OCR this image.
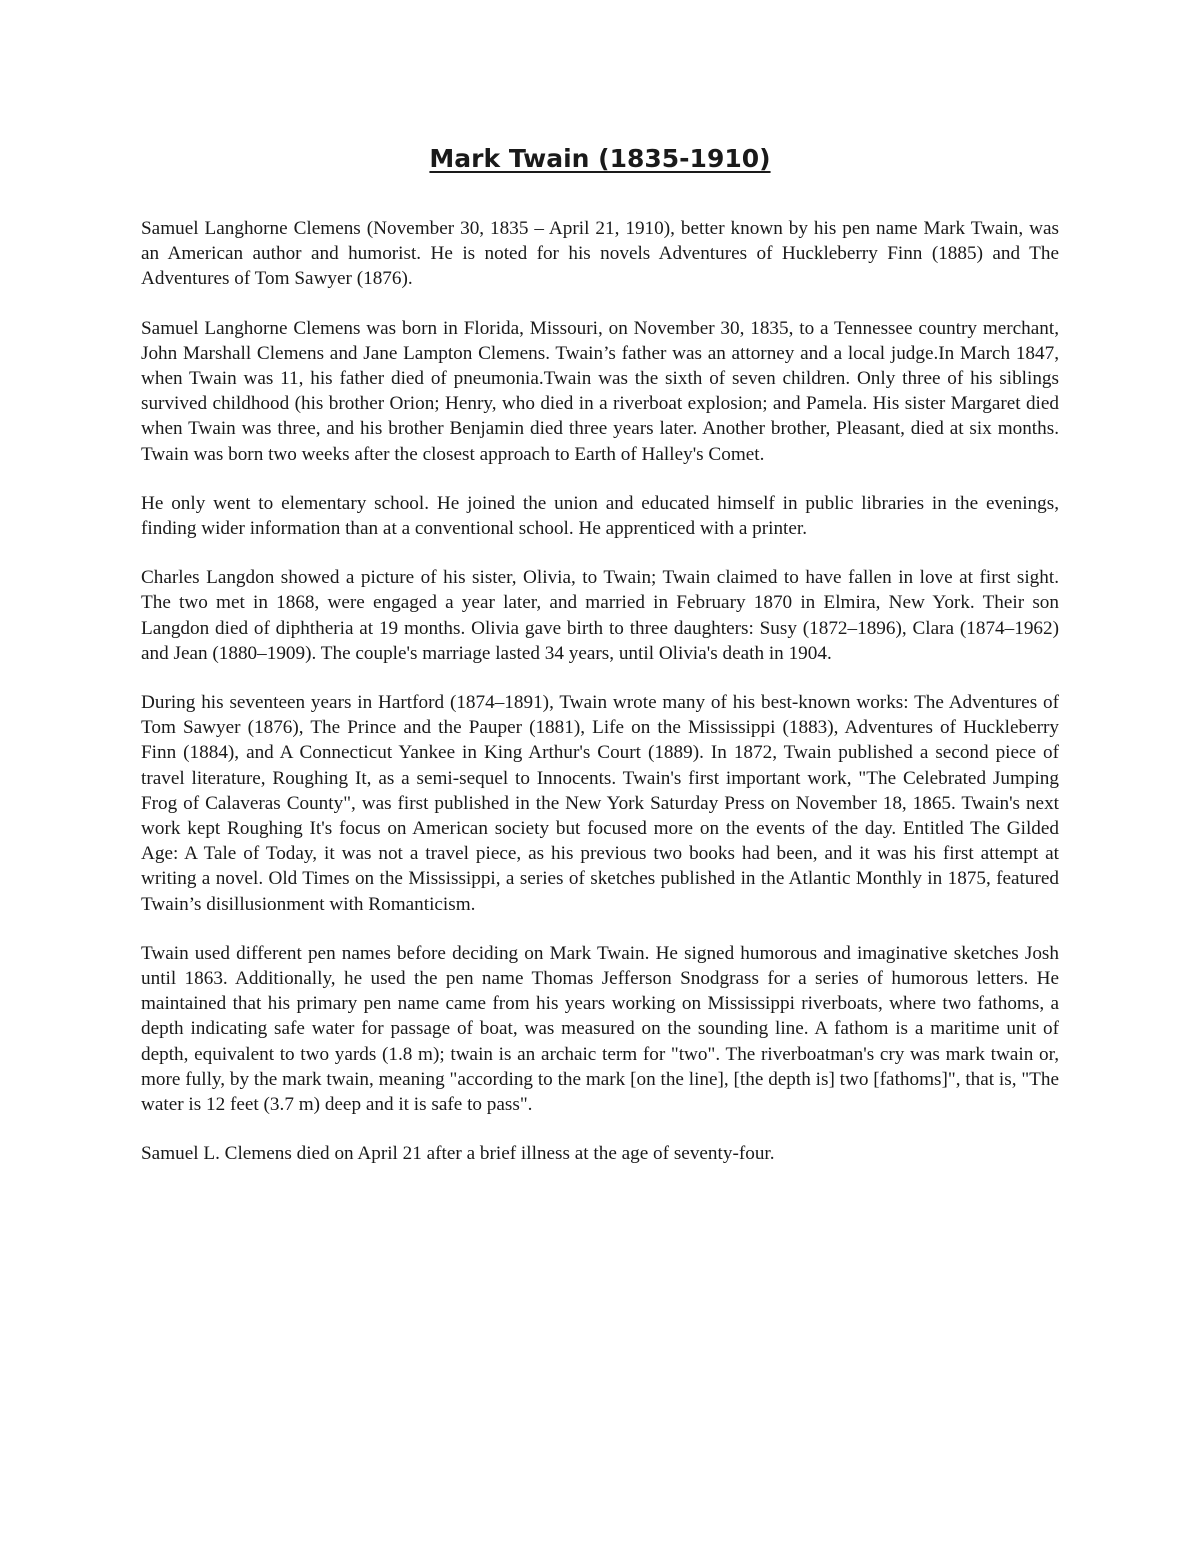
Mark Twain (1835-1910)

Samuel Langhorne Clemens (November 30, 1835 – April 21, 1910), better known by his pen name Mark Twain, was an American author and humorist. He is noted for his novels Adventures of Huckleberry Finn (1885) and The Adventures of Tom Sawyer (1876).

Samuel Langhorne Clemens was born in Florida, Missouri, on November 30, 1835, to a Tennessee country merchant, John Marshall Clemens and Jane Lampton Clemens. Twain’s father was an attorney and a local judge.In March 1847, when Twain was 11, his father died of pneumonia.Twain was the sixth of seven children. Only three of his siblings survived childhood (his brother Orion; Henry, who died in a riverboat explosion; and Pamela. His sister Margaret died when Twain was three, and his brother Benjamin died three years later. Another brother, Pleasant, died at six months. Twain was born two weeks after the closest approach to Earth of Halley's Comet.

He only went to elementary school. He joined the union and educated himself in public libraries in the evenings, finding wider information than at a conventional school. He apprenticed with a printer.

Charles Langdon showed a picture of his sister, Olivia, to Twain; Twain claimed to have fallen in love at first sight. The two met in 1868, were engaged a year later, and married in February 1870 in Elmira, New York. Their son Langdon died of diphtheria at 19 months. Olivia gave birth to three daughters: Susy (1872–1896), Clara (1874–1962) and Jean (1880–1909). The couple's marriage lasted 34 years, until Olivia's death in 1904.

During his seventeen years in Hartford (1874–1891), Twain wrote many of his best-known works: The Adventures of Tom Sawyer (1876), The Prince and the Pauper (1881), Life on the Mississippi (1883), Adventures of Huckleberry Finn (1884), and A Connecticut Yankee in King Arthur's Court (1889). In 1872, Twain published a second piece of travel literature, Roughing It, as a semi-sequel to Innocents. Twain's first important work, "The Celebrated Jumping Frog of Calaveras County", was first published in the New York Saturday Press on November 18, 1865. Twain's next work kept Roughing It's focus on American society but focused more on the events of the day. Entitled The Gilded Age: A Tale of Today, it was not a travel piece, as his previous two books had been, and it was his first attempt at writing a novel. Old Times on the Mississippi, a series of sketches published in the Atlantic Monthly in 1875, featured Twain’s disillusionment with Romanticism.

Twain used different pen names before deciding on Mark Twain. He signed humorous and imaginative sketches Josh until 1863. Additionally, he used the pen name Thomas Jefferson Snodgrass for a series of humorous letters. He maintained that his primary pen name came from his years working on Mississippi riverboats, where two fathoms, a depth indicating safe water for passage of boat, was measured on the sounding line. A fathom is a maritime unit of depth, equivalent to two yards (1.8 m); twain is an archaic term for "two". The riverboatman's cry was mark twain or, more fully, by the mark twain, meaning "according to the mark [on the line], [the depth is] two [fathoms]", that is, "The water is 12 feet (3.7 m) deep and it is safe to pass".

Samuel L. Clemens died on April 21 after a brief illness at the age of seventy-four.
